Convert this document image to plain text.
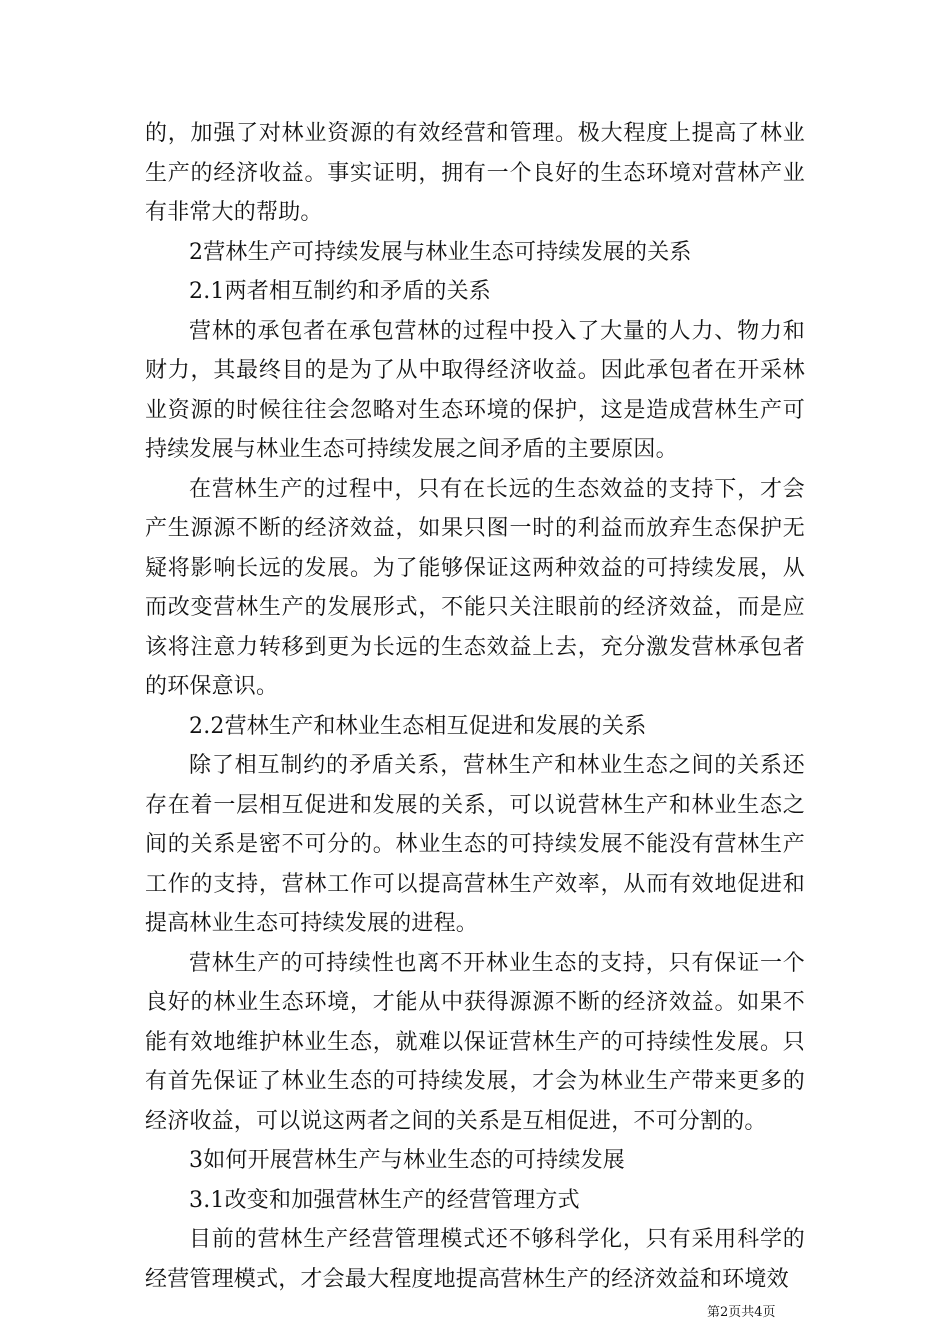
的，加强了对林业资源的有效经营和管理。极大程度上提高了林业生产的经济收益。事实证明，拥有一个良好的生态环境对营林产业有非常大的帮助。

2营林生产可持续发展与林业生态可持续发展的关系

2.1两者相互制约和矛盾的关系

营林的承包者在承包营林的过程中投入了大量的人力、物力和财力，其最终目的是为了从中取得经济收益。因此承包者在开采林业资源的时候往往会忽略对生态环境的保护，这是造成营林生产可持续发展与林业生态可持续发展之间矛盾的主要原因。

在营林生产的过程中，只有在长远的生态效益的支持下，才会产生源源不断的经济效益，如果只图一时的利益而放弃生态保护无疑将影响长远的发展。为了能够保证这两种效益的可持续发展，从而改变营林生产的发展形式，不能只关注眼前的经济效益，而是应该将注意力转移到更为长远的生态效益上去，充分激发营林承包者的环保意识。

2.2营林生产和林业生态相互促进和发展的关系

除了相互制约的矛盾关系，营林生产和林业生态之间的关系还存在着一层相互促进和发展的关系，可以说营林生产和林业生态之间的关系是密不可分的。林业生态的可持续发展不能没有营林生产工作的支持，营林工作可以提高营林生产效率，从而有效地促进和提高林业生态可持续发展的进程。

营林生产的可持续性也离不开林业生态的支持，只有保证一个良好的林业生态环境，才能从中获得源源不断的经济效益。如果不能有效地维护林业生态，就难以保证营林生产的可持续性发展。只有首先保证了林业生态的可持续发展，才会为林业生产带来更多的经济收益，可以说这两者之间的关系是互相促进，不可分割的。

3如何开展营林生产与林业生态的可持续发展

3.1改变和加强营林生产的经营管理方式

目前的营林生产经营管理模式还不够科学化，只有采用科学的经营管理模式，才会最大程度地提高营林生产的经济效益和环境效

第2页共4页
